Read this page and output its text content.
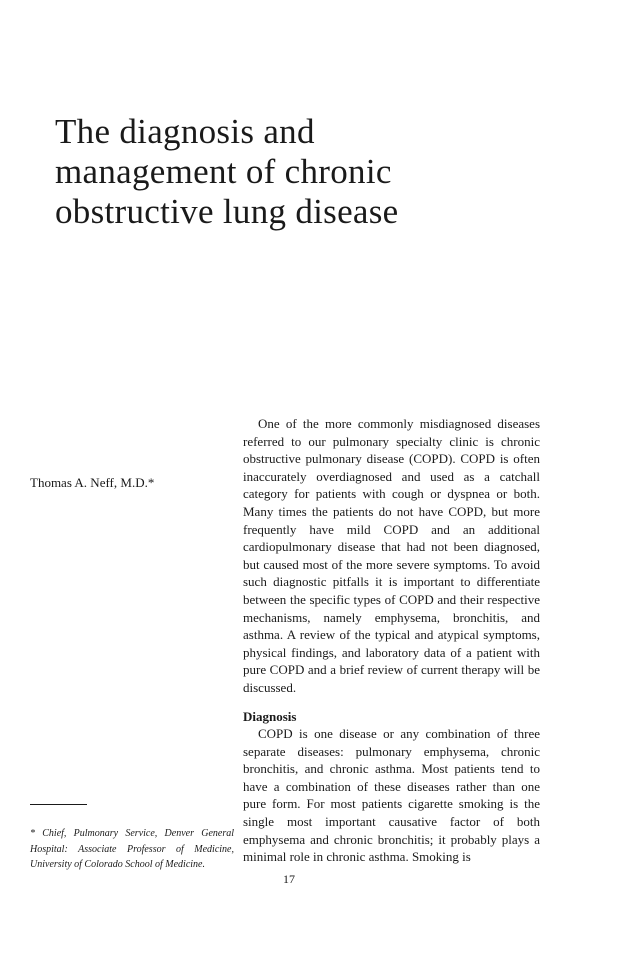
The diagnosis and
management of chronic
obstructive lung disease
Thomas A. Neff, M.D.*

One of the more commonly misdiagnosed diseases referred to our pulmonary specialty clinic is chronic obstructive pulmonary disease (COPD). COPD is often inaccurately overdiagnosed and used as a catchall category for patients with cough or dyspnea or both. Many times the patients do not have COPD, but more frequently have mild COPD and an additional cardiopulmonary disease that had not been diagnosed, but caused most of the more severe symptoms. To avoid such diagnostic pitfalls it is important to differentiate between the specific types of COPD and their respective mechanisms, namely emphysema, bronchitis, and asthma. A review of the typical and atypical symptoms, physical findings, and laboratory data of a patient with pure COPD and a brief review of current therapy will be discussed.

Diagnosis

COPD is one disease or any combination of three separate diseases: pulmonary emphysema, chronic bronchitis, and chronic asthma. Most patients tend to have a combination of these diseases rather than one pure form. For most patients cigarette smoking is the single most important causative factor of both emphysema and chronic bronchitis; it probably plays a minimal role in chronic asthma. Smoking is

* Chief, Pulmonary Service, Denver General Hospital: Associate Professor of Medicine, University of Colorado School of Medicine.

17
